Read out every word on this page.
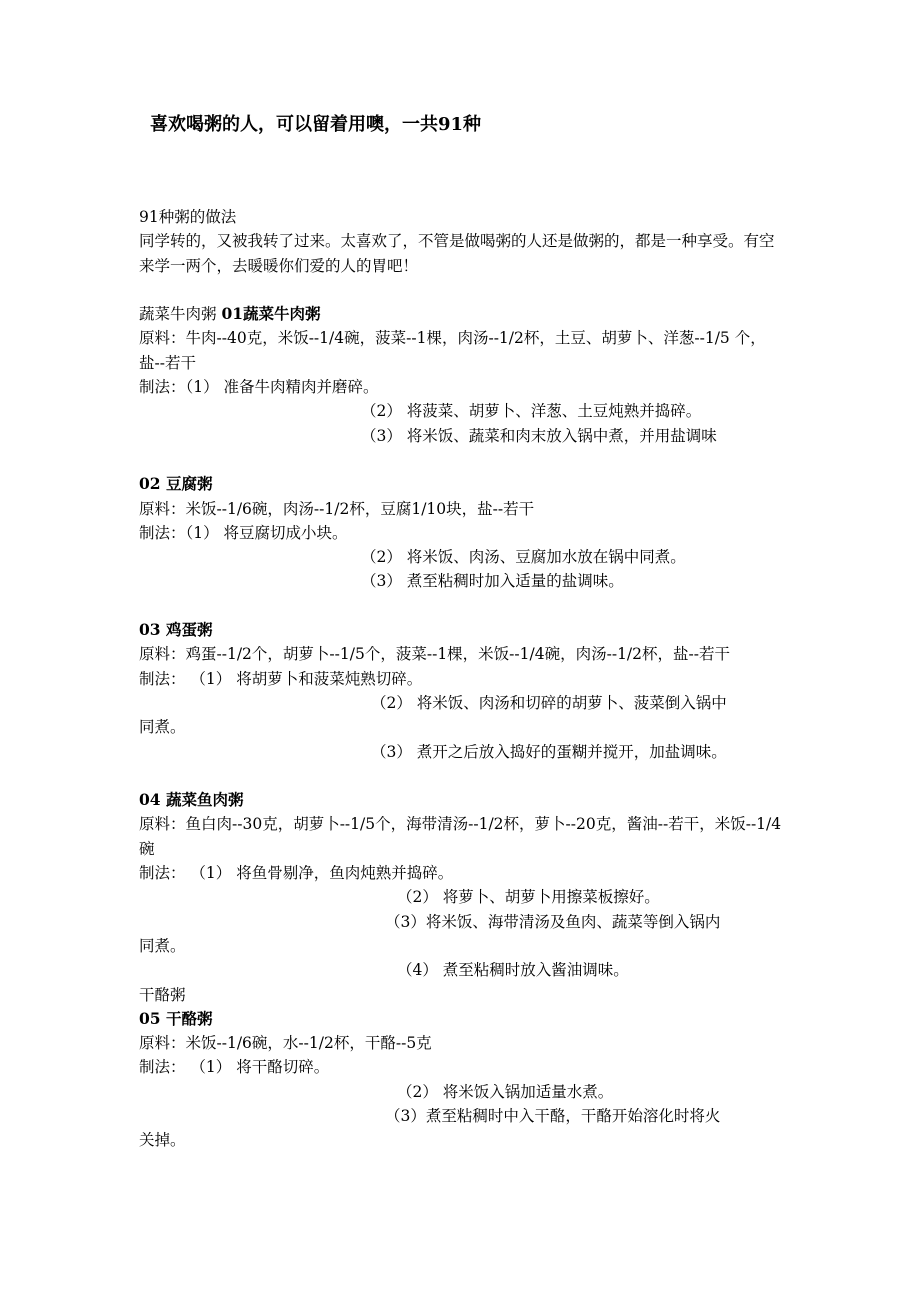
喜欢喝粥的人，可以留着用噢，一共91种
91种粥的做法
同学转的，又被我转了过来。太喜欢了，不管是做喝粥的人还是做粥的，都是一种享受。有空来学一两个，去暖暖你们爱的人的胃吧！
蔬菜牛肉粥 01蔬菜牛肉粥
原料：牛肉--40克，米饭--1/4碗，菠菜--1棵，肉汤--1/2杯，土豆、胡萝卜、洋葱--1/5 个，盐--若干
制法：（1） 准备牛肉精肉并磨碎。
（2） 将菠菜、胡萝卜、洋葱、土豆炖熟并捣碎。
（3） 将米饭、蔬菜和肉末放入锅中煮，并用盐调味
02 豆腐粥
原料：米饭--1/6碗，肉汤--1/2杯，豆腐1/10块，盐--若干
制法：（1） 将豆腐切成小块。
（2） 将米饭、肉汤、豆腐加水放在锅中同煮。
（3） 煮至粘稠时加入适量的盐调味。
03 鸡蛋粥
原料：鸡蛋--1/2个，胡萝卜--1/5个，菠菜--1棵，米饭--1/4碗，肉汤--1/2杯，盐--若干
制法： （1） 将胡萝卜和菠菜炖熟切碎。
（2） 将米饭、肉汤和切碎的胡萝卜、菠菜倒入锅中
同煮。
（3） 煮开之后放入捣好的蛋糊并搅开，加盐调味。
04 蔬菜鱼肉粥
原料：鱼白肉--30克，胡萝卜--1/5个，海带清汤--1/2杯，萝卜--20克，酱油--若干，米饭--1/4碗
制法： （1） 将鱼骨剔净，鱼肉炖熟并捣碎。
（2） 将萝卜、胡萝卜用擦菜板擦好。
（3）将米饭、海带清汤及鱼肉、蔬菜等倒入锅内
同煮。
（4） 煮至粘稠时放入酱油调味。
干酪粥
05 干酪粥
原料：米饭--1/6碗，水--1/2杯，干酪--5克
制法： （1） 将干酪切碎。
（2） 将米饭入锅加适量水煮。
（3）煮至粘稠时中入干酪，干酪开始溶化时将火
关掉。
